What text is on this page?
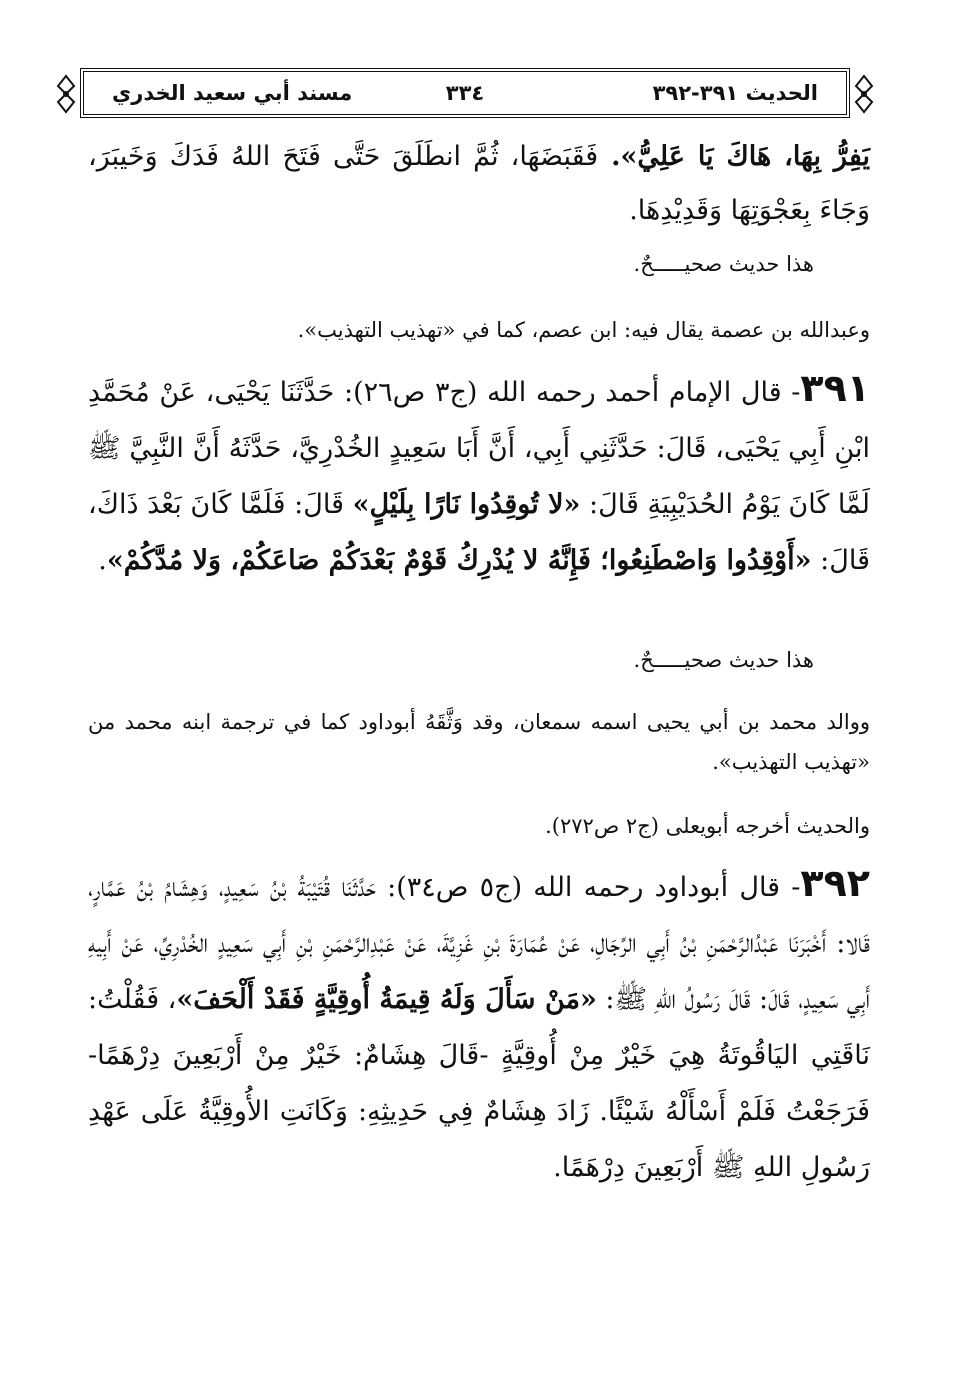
الحديث ٣٩١-٣٩٢
٣٣٤
مسند أبي سعيد الخدري
يَفِرُّ بِهَا، هَاكَ يَا عَلِيُّ». فَقَبَضَهَا، ثُمَّ انطَلَقَ حَتَّى فَتَحَ اللهُ فَدَكَ وَخَيبَرَ، وَجَاءَ بِعَجْوَتِهَا وَقَدِيْدِهَا.
هذا حديث صحيـــــحٌ.
وعبدالله بن عصمة يقال فيه: ابن عصم، كما في «تهذيب التهذيب».
٣٩١- قال الإمام أحمد رحمه الله (ج٣ ص٢٦): حَدَّثَنَا يَحْيَى، عَنْ مُحَمَّدِ ابْنِ أَبِي يَحْيَى، قَالَ: حَدَّثَنِي أَبِي، أَنَّ أَبَا سَعِيدٍ الخُدْرِيَّ، حَدَّثَهُ أَنَّ النَّبِيَّ ﷺ لَمَّا كَانَ يَوْمُ الحُدَيْبِيَةِ قَالَ: «لا تُوقِدُوا نَارًا بِلَيْلٍ» قَالَ: فَلَمَّا كَانَ بَعْدَ ذَاكَ، قَالَ: «أَوْقِدُوا وَاصْطَنِعُوا؛ فَإِنَّهُ لا يُدْرِكُ قَوْمٌ بَعْدَكُمْ صَاعَكُمْ، وَلا مُدَّكُمْ».
هذا حديث صحيـــــحٌ.
ووالد محمد بن أبي يحيى اسمه سمعان، وقد وَثَّقَهُ أبوداود كما في ترجمة ابنه محمد من «تهذيب التهذيب».
والحديث أخرجه أبويعلى (ج٢ ص٢٧٢).
٣٩٢- قال أبوداود رحمه الله (ج٥ ص٣٤): حَدَّثَنَا قُتَيْبَةُ بْنُ سَعِيدٍ، وَهِشَامُ بْنُ عَمَّارٍ، قَالا: أَخْبَرَنَا عَبْدُالرَّحْمَنِ بْنُ أَبِي الرِّجَالِ، عَنْ عُمَارَةَ بْنِ غَزِيَّةَ، عَنْ عَبْدِالرَّحْمَنِ بْنِ أَبِي سَعِيدٍ الخُدْرِيِّ، عَنْ أَبِيهِ أَبِي سَعِيدٍ، قَالَ: قَالَ رَسُولُ اللهِ ﷺ: «مَنْ سَأَلَ وَلَهُ قِيمَةُ أُوقِيَّةٍ فَقَدْ أَلْحَفَ»، فَقُلْتُ: نَاقَتِي اليَاقُوتَةُ هِيَ خَيْرٌ مِنْ أُوقِيَّةٍ -قَالَ هِشَامٌ: خَيْرٌ مِنْ أَرْبَعِينَ دِرْهَمًا- فَرَجَعْتُ فَلَمْ أَسْأَلْهُ شَيْئًا. زَادَ هِشَامٌ فِي حَدِيثِهِ: وَكَانَتِ الأُوقِيَّةُ عَلَى عَهْدِ رَسُولِ اللهِ ﷺ أَرْبَعِينَ دِرْهَمًا.
